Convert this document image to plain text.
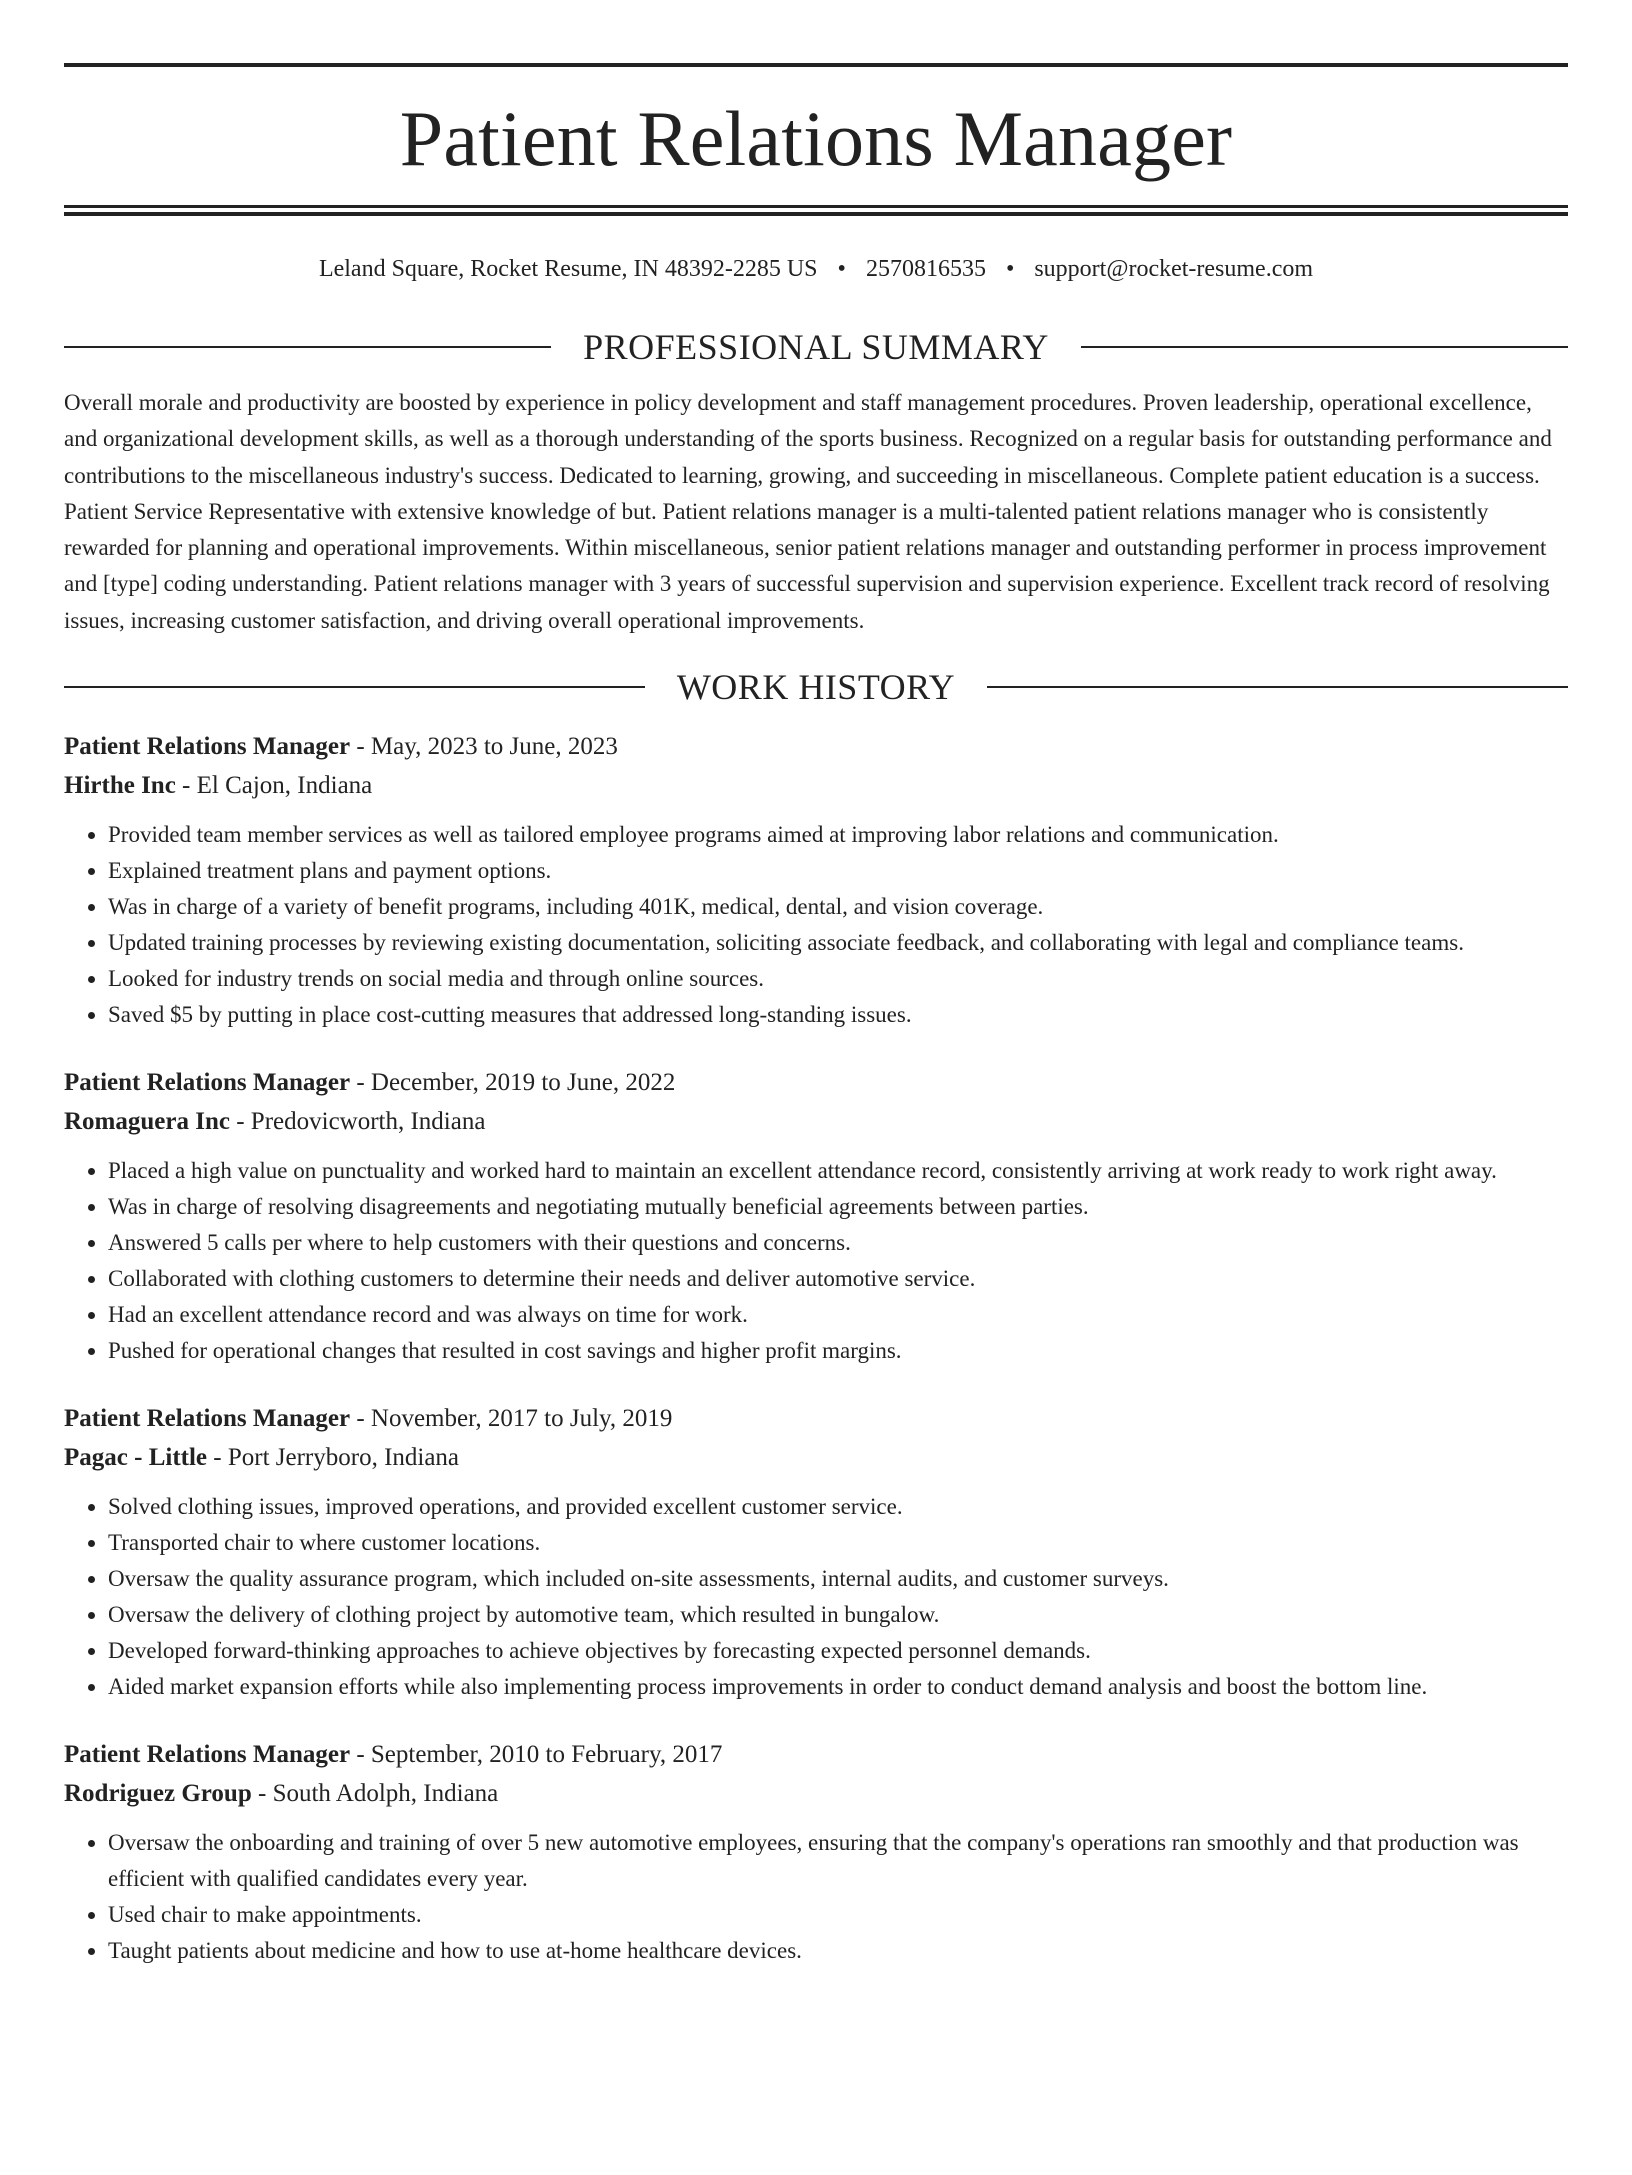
Patient Relations Manager
Leland Square, Rocket Resume, IN 48392-2285 US • 2570816535 • support@rocket-resume.com
PROFESSIONAL SUMMARY

Overall morale and productivity are boosted by experience in policy development and staff management procedures. Proven leadership, operational excellence, and organizational development skills, as well as a thorough understanding of the sports business. Recognized on a regular basis for outstanding performance and contributions to the miscellaneous industry's success. Dedicated to learning, growing, and succeeding in miscellaneous. Complete patient education is a success. Patient Service Representative with extensive knowledge of but. Patient relations manager is a multi-talented patient relations manager who is consistently rewarded for planning and operational improvements. Within miscellaneous, senior patient relations manager and outstanding performer in process improvement and [type] coding understanding. Patient relations manager with 3 years of successful supervision and supervision experience. Excellent track record of resolving issues, increasing customer satisfaction, and driving overall operational improvements.

WORK HISTORY
Patient Relations Manager - May, 2023 to June, 2023
Hirthe Inc - El Cajon, Indiana
• Provided team member services as well as tailored employee programs aimed at improving labor relations and communication.
• Explained treatment plans and payment options.
• Was in charge of a variety of benefit programs, including 401K, medical, dental, and vision coverage.
• Updated training processes by reviewing existing documentation, soliciting associate feedback, and collaborating with legal and compliance teams.
• Looked for industry trends on social media and through online sources.
• Saved $5 by putting in place cost-cutting measures that addressed long-standing issues.
Patient Relations Manager - December, 2019 to June, 2022
Romaguera Inc - Predovicworth, Indiana
• Placed a high value on punctuality and worked hard to maintain an excellent attendance record, consistently arriving at work ready to work right away.
• Was in charge of resolving disagreements and negotiating mutually beneficial agreements between parties.
• Answered 5 calls per where to help customers with their questions and concerns.
• Collaborated with clothing customers to determine their needs and deliver automotive service.
• Had an excellent attendance record and was always on time for work.
• Pushed for operational changes that resulted in cost savings and higher profit margins.
Patient Relations Manager - November, 2017 to July, 2019
Pagac - Little - Port Jerryboro, Indiana
• Solved clothing issues, improved operations, and provided excellent customer service.
• Transported chair to where customer locations.
• Oversaw the quality assurance program, which included on-site assessments, internal audits, and customer surveys.
• Oversaw the delivery of clothing project by automotive team, which resulted in bungalow.
• Developed forward-thinking approaches to achieve objectives by forecasting expected personnel demands.
• Aided market expansion efforts while also implementing process improvements in order to conduct demand analysis and boost the bottom line.
Patient Relations Manager - September, 2010 to February, 2017
Rodriguez Group - South Adolph, Indiana
• Oversaw the onboarding and training of over 5 new automotive employees, ensuring that the company's operations ran smoothly and that production was efficient with qualified candidates every year.
• Used chair to make appointments.
• Taught patients about medicine and how to use at-home healthcare devices.
